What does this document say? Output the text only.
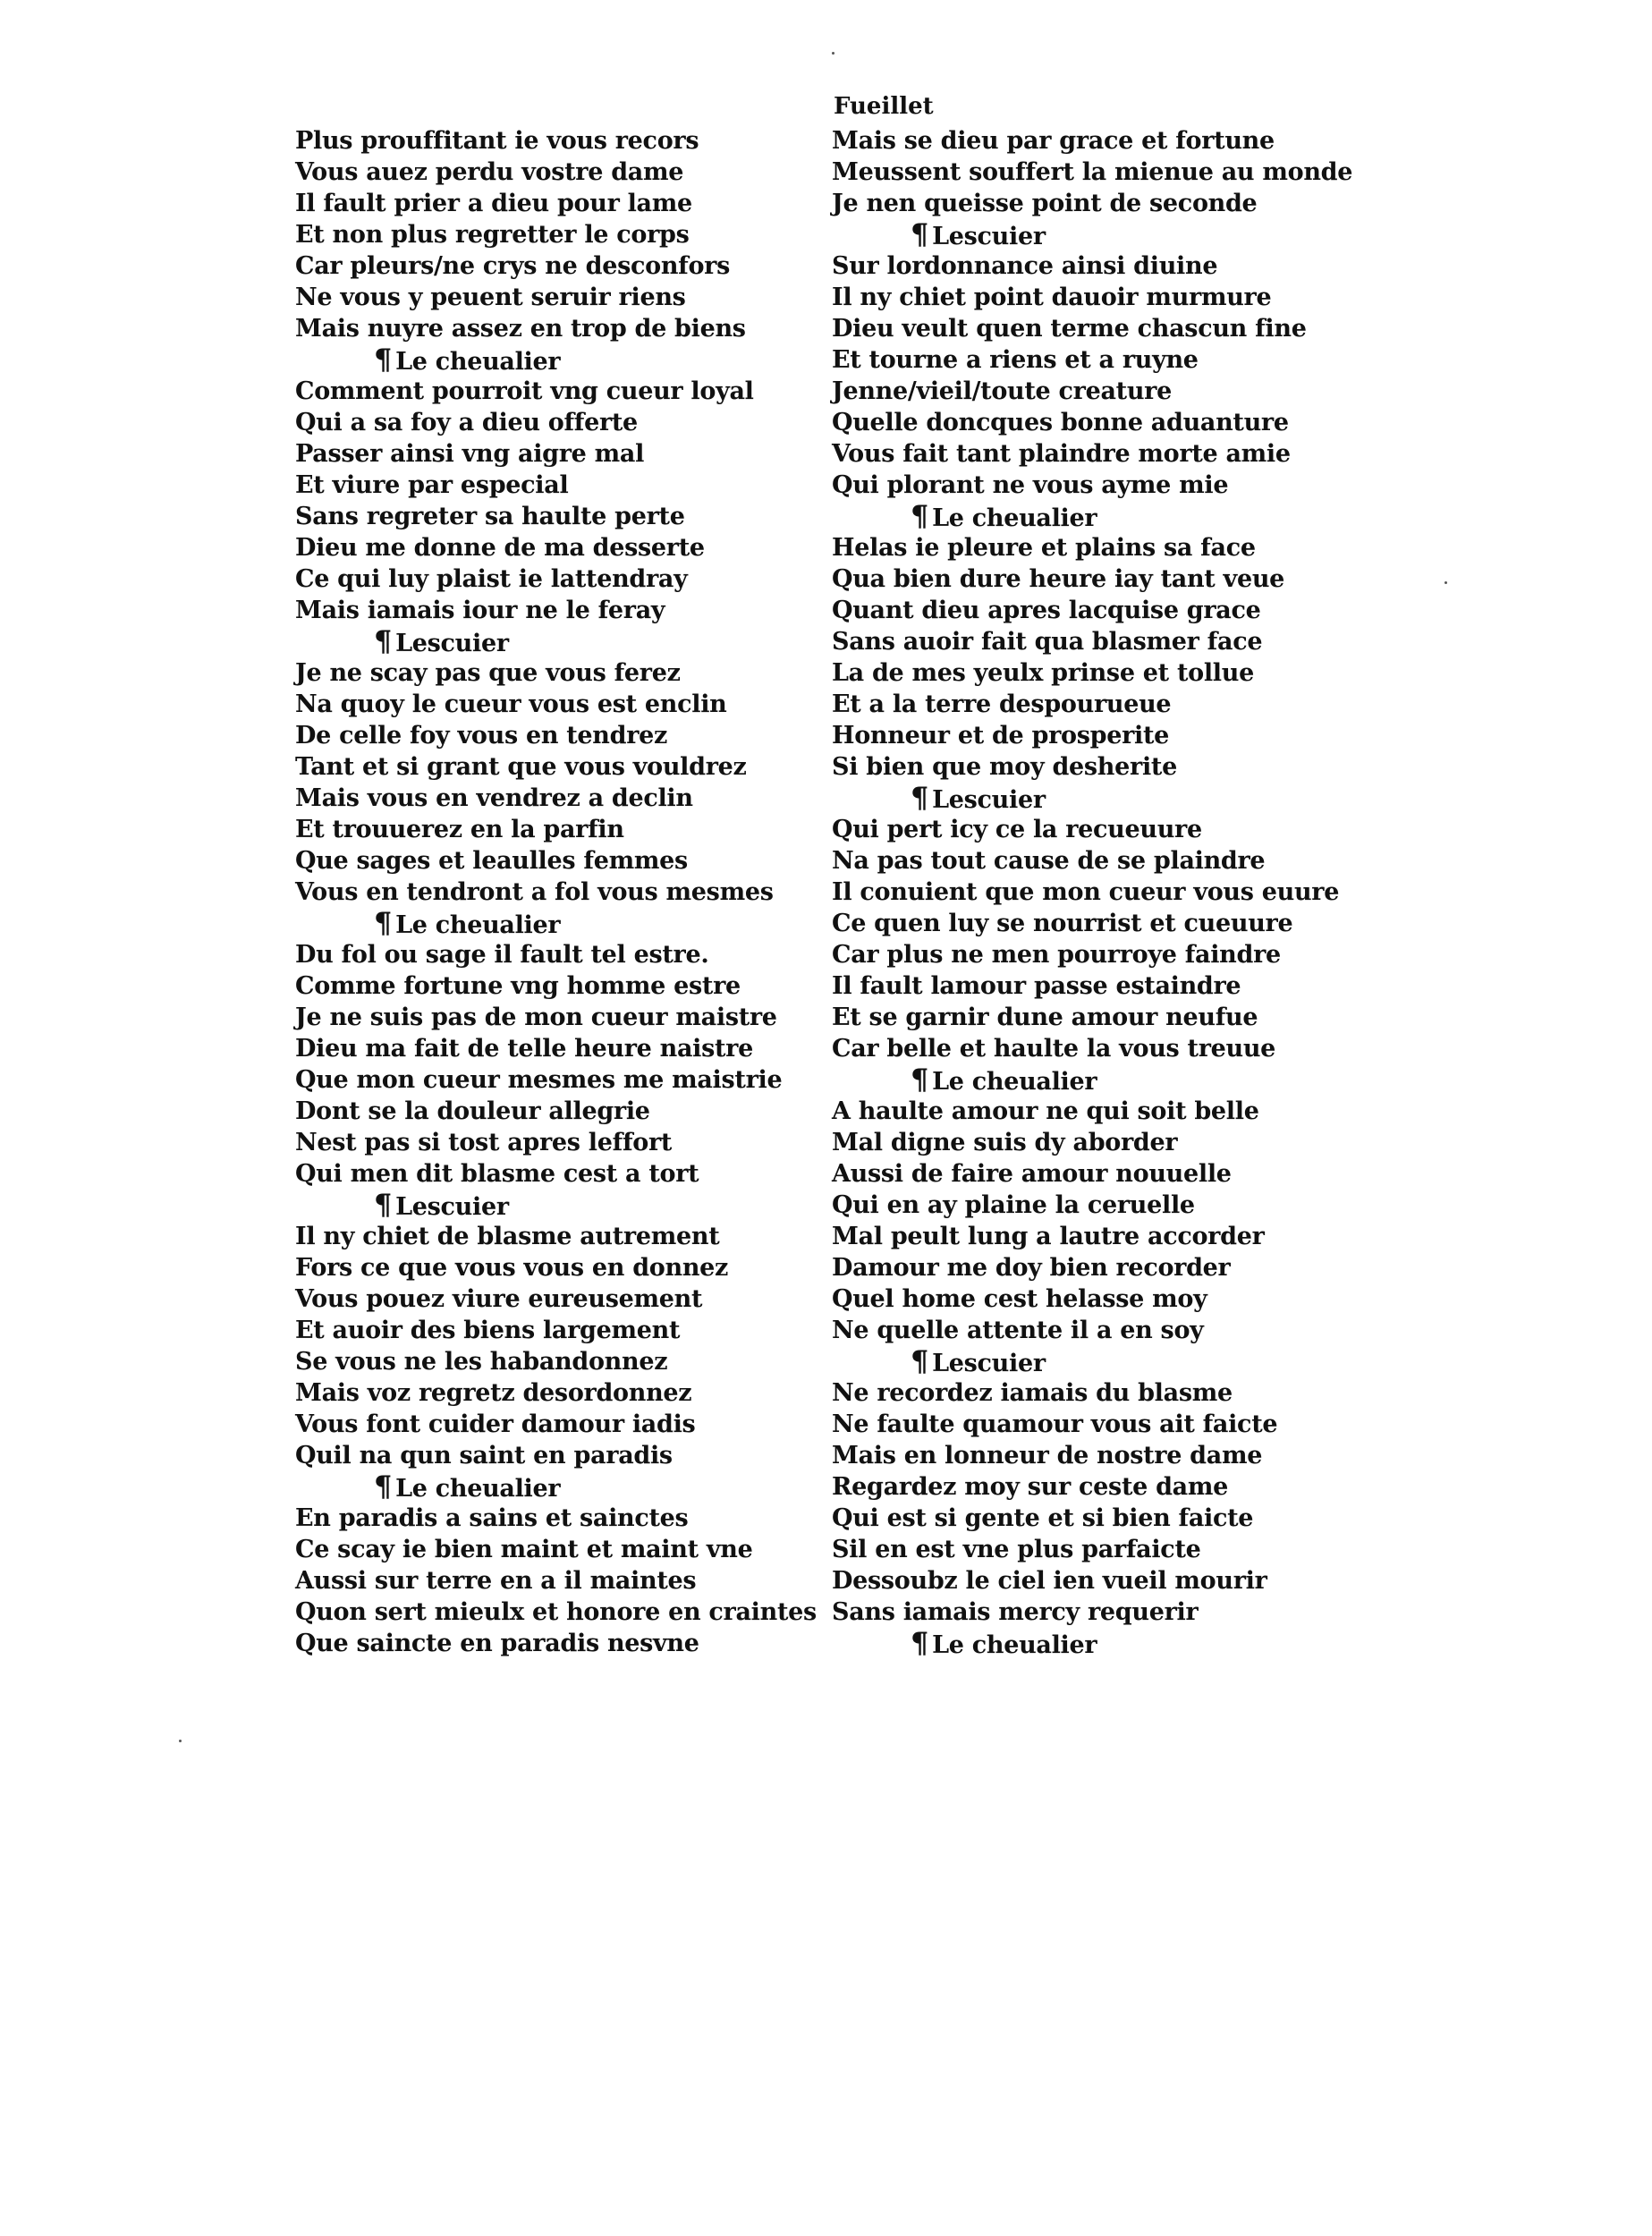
Fueillet
Plus prouffitant ie vous recors
Vous auez perdu vostre dame
Il fault prier a dieu pour lame
Et non plus regretter le corps
Car pleurs/ne crys ne desconfors
Ne vous y peuent seruir riens
Mais nuyre assez en trop de biens
¶ Le cheualier
Comment pourroit vng cueur loyal
Qui a sa foy a dieu offerte
Passer ainsi vng aigre mal
Et viure par especial
Sans regreter sa haulte perte
Dieu me donne de ma desserte
Ce qui luy plaist ie lattendray
Mais iamais iour ne le feray
¶ Lescuier
Je ne scay pas que vous ferez
Na quoy le cueur vous est enclin
De celle foy vous en tendrez
Tant et si grant que vous vouldrez
Mais vous en vendrez a declin
Et trouuerez en la parfin
Que sages et leaulles femmes
Vous en tendront a fol vous mesmes
¶ Le cheualier
Du fol ou sage il fault tel estre.
Comme fortune vng homme estre
Je ne suis pas de mon cueur maistre
Dieu ma fait de telle heure naistre
Que mon cueur mesmes me maistrie
Dont se la douleur allegrie
Nest pas si tost apres leffort
Qui men dit blasme cest a tort
¶ Lescuier
Il ny chiet de blasme autrement
Fors ce que vous vous en donnez
Vous pouez viure eureusement
Et auoir des biens largement
Se vous ne les habandonnez
Mais voz regretz desordonnez
Vous font cuider damour iadis
Quil na qun saint en paradis
¶ Le cheualier
En paradis a sains et sainctes
Ce scay ie bien maint et maint vne
Aussi sur terre en a il maintes
Quon sert mieulx et honore en craintes
Que saincte en paradis nesvne
Mais se dieu par grace et fortune
Meussent souffert la mienue au monde
Je nen queisse point de seconde
¶ Lescuier
Sur lordonnance ainsi diuine
Il ny chiet point dauoir murmure
Dieu veult quen terme chascun fine
Et tourne a riens et a ruyne
Jenne/vieil/toute creature
Quelle doncques bonne aduanture
Vous fait tant plaindre morte amie
Qui plorant ne vous ayme mie
¶ Le cheualier
Helas ie pleure et plains sa face
Qua bien dure heure iay tant veue
Quant dieu apres lacquise grace
Sans auoir fait qua blasmer face
La de mes yeulx prinse et tollue
Et a la terre despourueue
Honneur et de prosperite
Si bien que moy desherite
¶ Lescuier
Qui pert icy ce la recueuure
Na pas tout cause de se plaindre
Il conuient que mon cueur vous euure
Ce quen luy se nourrist et cueuure
Car plus ne men pourroye faindre
Il fault lamour passe estaindre
Et se garnir dune amour neufue
Car belle et haulte la vous treuue
¶ Le cheualier
A haulte amour ne qui soit belle
Mal digne suis dy aborder
Aussi de faire amour nouuelle
Qui en ay plaine la ceruelle
Mal peult lung a lautre accorder
Damour me doy bien recorder
Quel home cest helasse moy
Ne quelle attente il a en soy
¶ Lescuier
Ne recordez iamais du blasme
Ne faulte quamour vous ait faicte
Mais en lonneur de nostre dame
Regardez moy sur ceste dame
Qui est si gente et si bien faicte
Sil en est vne plus parfaicte
Dessoubz le ciel ien vueil mourir
Sans iamais mercy requerir
¶ Le cheualier
